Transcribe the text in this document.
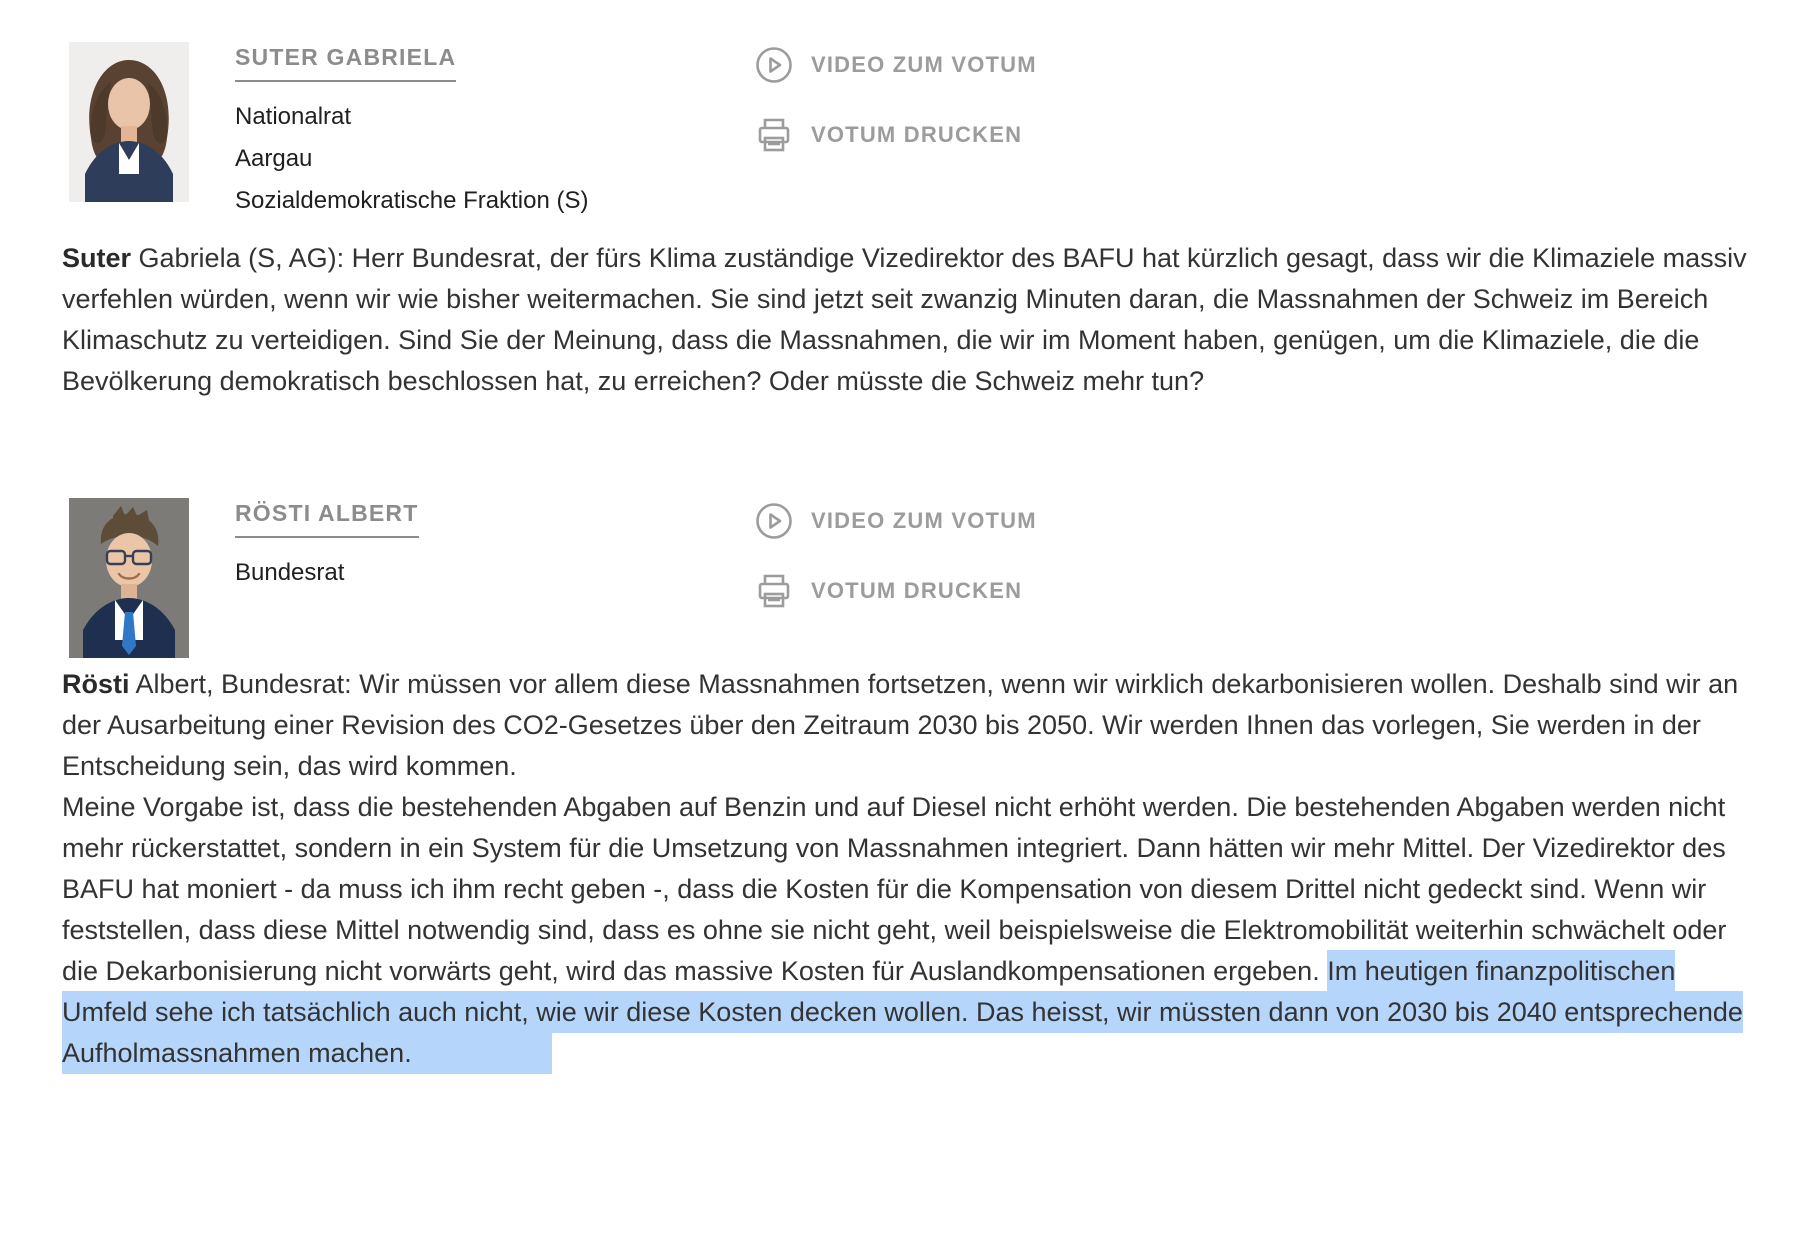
SUTER GABRIELA
Nationalrat
Aargau
Sozialdemokratische Fraktion (S)
VIDEO ZUM VOTUM
VOTUM DRUCKEN

Suter Gabriela (S, AG): Herr Bundesrat, der fürs Klima zuständige Vizedirektor des BAFU hat kürzlich gesagt, dass wir die Klimaziele massiv verfehlen würden, wenn wir wie bisher weitermachen. Sie sind jetzt seit zwanzig Minuten daran, die Massnahmen der Schweiz im Bereich Klimaschutz zu verteidigen. Sind Sie der Meinung, dass die Massnahmen, die wir im Moment haben, genügen, um die Klimaziele, die die Bevölkerung demokratisch beschlossen hat, zu erreichen? Oder müsste die Schweiz mehr tun?

RÖSTI ALBERT
Bundesrat
VIDEO ZUM VOTUM
VOTUM DRUCKEN

Rösti Albert, Bundesrat: Wir müssen vor allem diese Massnahmen fortsetzen, wenn wir wirklich dekarbonisieren wollen. Deshalb sind wir an der Ausarbeitung einer Revision des CO2-Gesetzes über den Zeitraum 2030 bis 2050. Wir werden Ihnen das vorlegen, Sie werden in der Entscheidung sein, das wird kommen.
Meine Vorgabe ist, dass die bestehenden Abgaben auf Benzin und auf Diesel nicht erhöht werden. Die bestehenden Abgaben werden nicht mehr rückerstattet, sondern in ein System für die Umsetzung von Massnahmen integriert. Dann hätten wir mehr Mittel. Der Vizedirektor des BAFU hat moniert - da muss ich ihm recht geben -, dass die Kosten für die Kompensation von diesem Drittel nicht gedeckt sind. Wenn wir feststellen, dass diese Mittel notwendig sind, dass es ohne sie nicht geht, weil beispielsweise die Elektromobilität weiterhin schwächelt oder die Dekarbonisierung nicht vorwärts geht, wird das massive Kosten für Auslandkompensationen ergeben. Im heutigen finanzpolitischen Umfeld sehe ich tatsächlich auch nicht, wie wir diese Kosten decken wollen. Das heisst, wir müssten dann von 2030 bis 2040 entsprechende Aufholmassnahmen machen.
